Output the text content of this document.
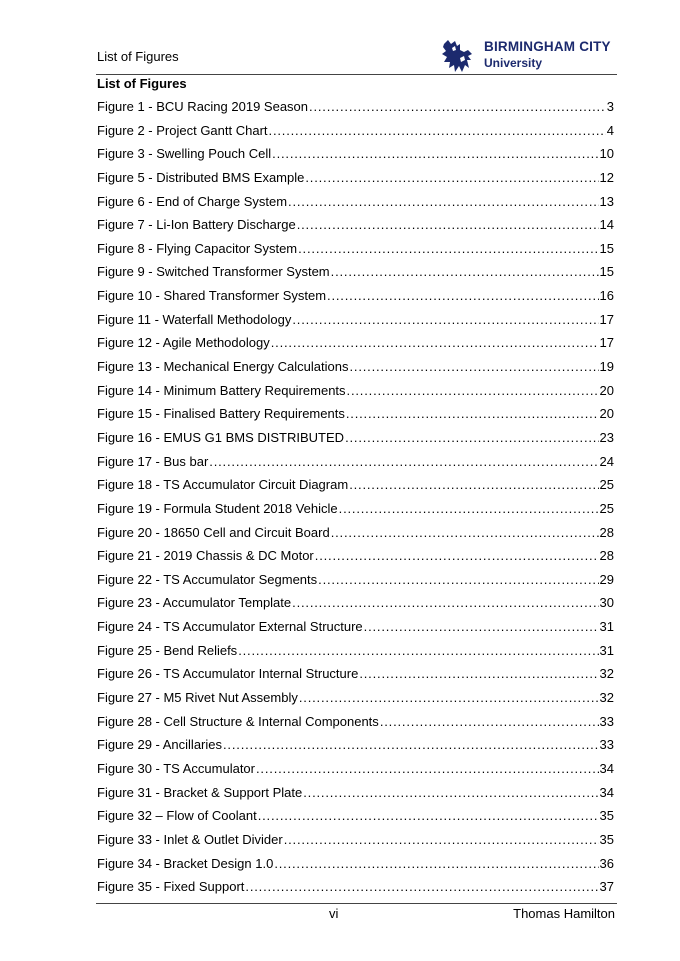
List of Figures
BIRMINGHAM CITY
University
List of Figures
Figure 1 - BCU Racing 2019 Season . . .	3
Figure 2 - Project Gantt Chart . . .	4
Figure 3 - Swelling Pouch Cell . . .	10
Figure 5 - Distributed BMS Example . . .	12
Figure 6 - End of Charge System . . .	13
Figure 7 - Li-Ion Battery Discharge . . .	14
Figure 8 - Flying Capacitor System . . .	15
Figure 9 - Switched Transformer System . . .	15
Figure 10 - Shared Transformer System . . .	16
Figure 11 - Waterfall Methodology . . .	17
Figure 12 - Agile Methodology . . .	17
Figure 13 - Mechanical Energy Calculations . . .	19
Figure 14 - Minimum Battery Requirements . . .	20
Figure 15 - Finalised Battery Requirements . . .	20
Figure 16 - EMUS G1 BMS DISTRIBUTED . . .	23
Figure 17 - Bus bar . . .	24
Figure 18 - TS Accumulator Circuit Diagram . . .	25
Figure 19 - Formula Student 2018 Vehicle . . .	25
Figure 20 - 18650 Cell and Circuit Board . . .	28
Figure 21 - 2019 Chassis & DC Motor . . .	28
Figure 22 - TS Accumulator Segments . . .	29
Figure 23 - Accumulator Template . . .	30
Figure 24 - TS Accumulator External Structure . . .	31
Figure 25 - Bend Reliefs . . .	31
Figure 26 - TS Accumulator Internal Structure . . .	32
Figure 27 - M5 Rivet Nut Assembly . . .	32
Figure 28 - Cell Structure & Internal Components . . .	33
Figure 29 - Ancillaries . . .	33
Figure 30 - TS Accumulator . . .	34
Figure 31 - Bracket & Support Plate . . .	34
Figure 32 – Flow of Coolant . . .	35
Figure 33 - Inlet & Outlet Divider . . .	35
Figure 34 - Bracket Design 1.0 . . .	36
Figure 35 - Fixed Support . . .	37
vi	Thomas Hamilton
